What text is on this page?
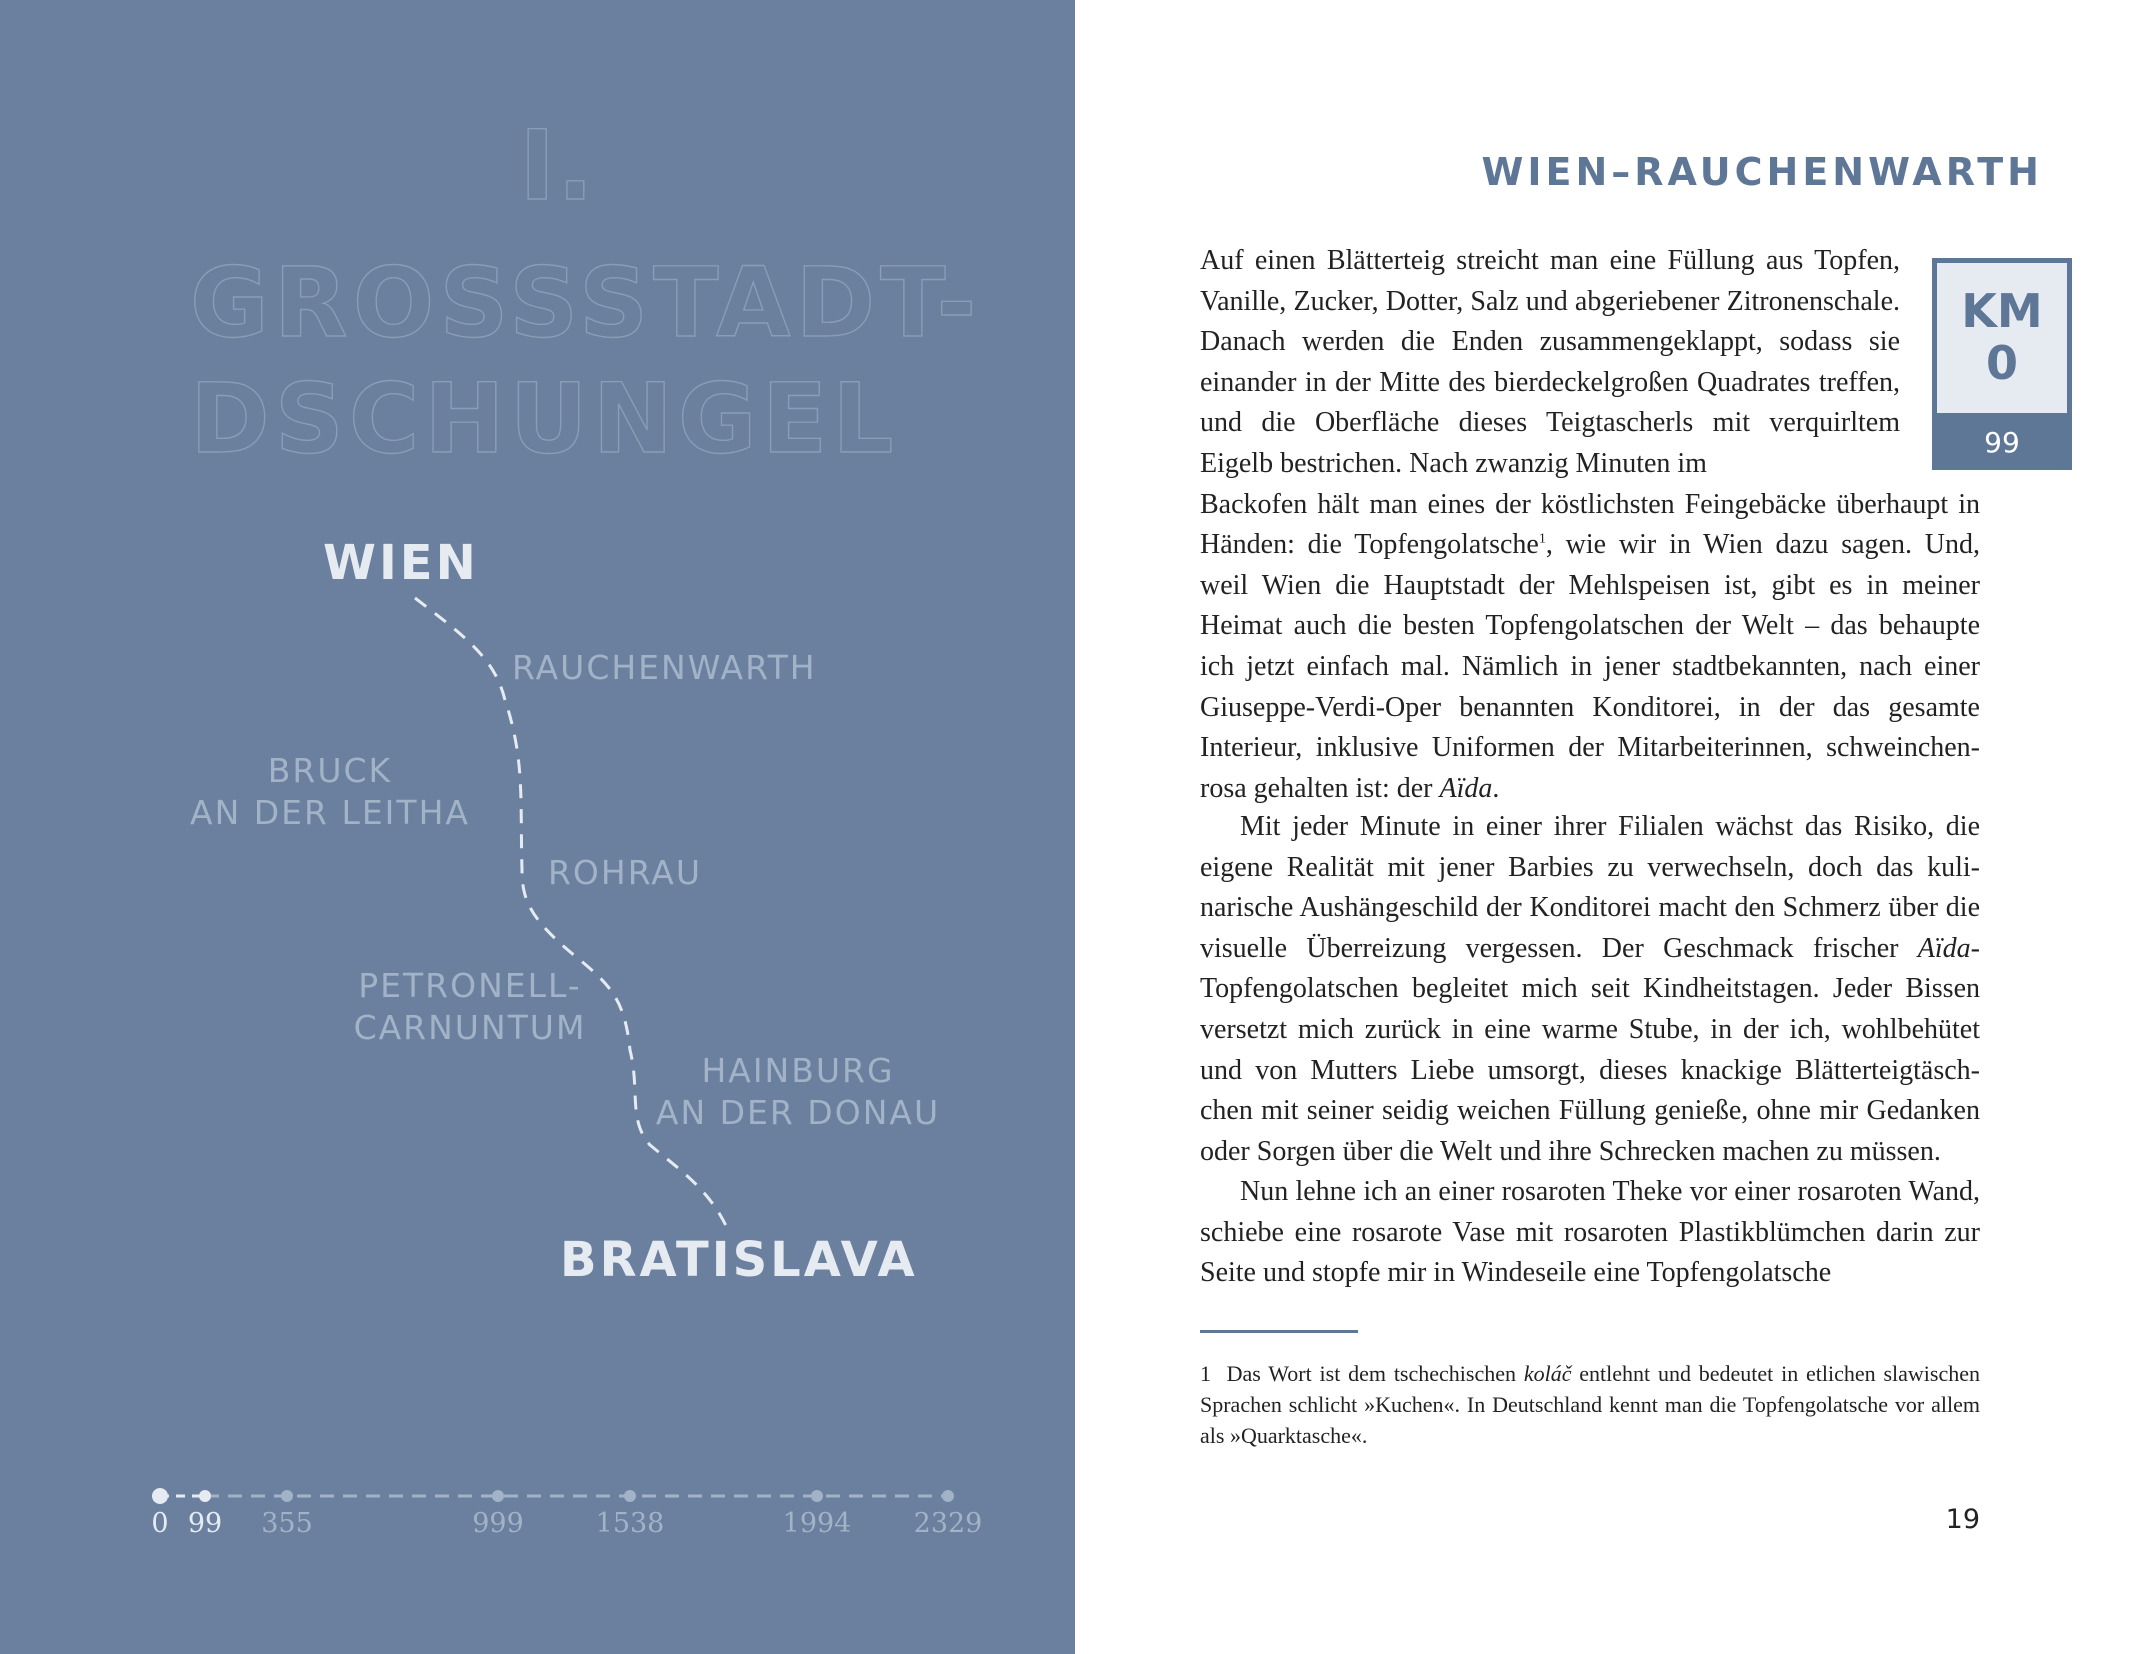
I.
GROSSSTADT-
DSCHUNGEL
WIEN
RAUCHENWARTH
BRUCK
AN DER LEITHA
ROHRAU
PETRONELL-
CARNUNTUM
HAINBURG
AN DER DONAU
BRATISLAVA
0 99	355	999	1538	1994	2329
WIEN–RAUCHENWARTH
KM
0
99

Auf einen Blätterteig streicht man eine Füllung aus Topfen, Vanille, Zucker, Dotter, Salz und abgeriebener Zitronenschale. Danach werden die Enden zusammengeklappt, sodass sie einander in der Mitte des bierdeckelgroßen Quadrates treffen, und die Oberfläche dieses Teigtascherls mit verquirltem Eigelb bestrichen. Nach zwanzig Minuten im

Backofen hält man eines der köstlichsten Feingebäcke überhaupt in Händen: die Topfengolatsche$^1$, wie wir in Wien dazu sagen. Und, weil Wien die Hauptstadt der Mehlspeisen ist, gibt es in meiner Heimat auch die besten Topfengolatschen der Welt – das behaupte ich jetzt einfach mal. Nämlich in jener stadtbekannten, nach einer Giuseppe-Verdi-Oper benannten Konditorei, in der das gesamte Interieur, inklusive Uniformen der Mitarbeiterinnen, schweinchenrosa gehalten ist: der Aïda.

Mit jeder Minute in einer ihrer Filialen wächst das Risiko, die eigene Realität mit jener Barbies zu verwechseln, doch das kulinarische Aushängeschild der Konditorei macht den Schmerz über die visuelle Überreizung vergessen. Der Geschmack frischer Aïda-Topfengolatschen begleitet mich seit Kindheitstagen. Jeder Bissen versetzt mich zurück in eine warme Stube, in der ich, wohlbehütet und von Mutters Liebe umsorgt, dieses knackige Blätterteigtäschchen mit seiner seidig weichen Füllung genieße, ohne mir Gedanken oder Sorgen über die Welt und ihre Schrecken machen zu müssen.

Nun lehne ich an einer rosaroten Theke vor einer rosaroten Wand, schiebe eine rosarote Vase mit rosaroten Plastikblümchen darin zur Seite und stopfe mir in Windeseile eine Topfengolatsche

1 Das Wort ist dem tschechischen koláč entlehnt und bedeutet in etlichen slawischen Sprachen schlicht »Kuchen«. In Deutschland kennt man die Topfengolatsche vor allem als »Quarktasche«.
19
